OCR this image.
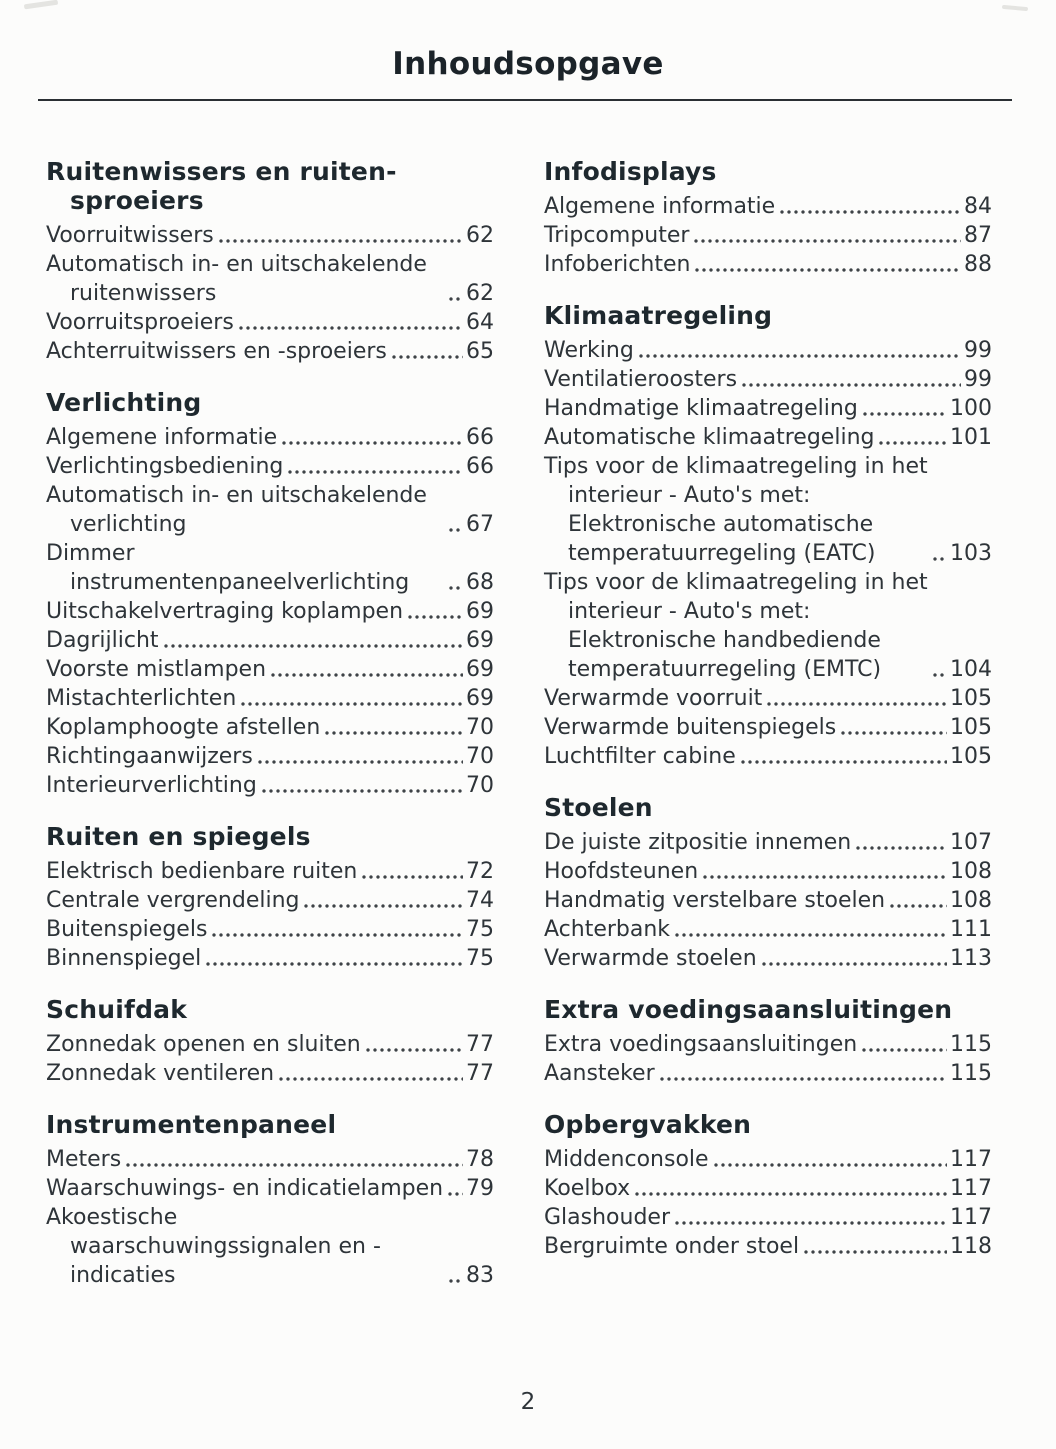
Inhoudsopgave
Ruitenwissers en ruiten-sproeiers
Voorruitwissers	62
Automatisch in- en uitschakelende ruitenwissers	62
Voorruitsproeiers	64
Achterruitwissers en -sproeiers	65
Verlichting
Algemene informatie	66
Verlichtingsbediening	66
Automatisch in- en uitschakelende verlichting	67
Dimmer instrumentenpaneelverlichting	68
Uitschakelvertraging koplampen	69
Dagrijlicht	69
Voorste mistlampen	69
Mistachterlichten	69
Koplamphoogte afstellen	70
Richtingaanwijzers	70
Interieurverlichting	70
Ruiten en spiegels
Elektrisch bedienbare ruiten	72
Centrale vergrendeling	74
Buitenspiegels	75
Binnenspiegel	75
Schuifdak
Zonnedak openen en sluiten	77
Zonnedak ventileren	77
Instrumentenpaneel
Meters	78
Waarschuwings- en indicatielampen 79
Akoestische waarschuwingssignalen en -indicaties	83
Infodisplays
Algemene informatie	84
Tripcomputer	87
Infoberichten	88
Klimaatregeling
Werking	99
Ventilatieroosters	99
Handmatige klimaatregeling	100
Automatische klimaatregeling	101
Tips voor de klimaatregeling in het interieur - Auto's met: Elektronische automatische temperatuurregeling (EATC)	103
Tips voor de klimaatregeling in het interieur - Auto's met: Elektronische handbediende temperatuurregeling (EMTC)	104
Verwarmde voorruit	105
Verwarmde buitenspiegels	105
Luchtfilter cabine	105
Stoelen
De juiste zitpositie innemen	107
Hoofdsteunen	108
Handmatig verstelbare stoelen	108
Achterbank	111
Verwarmde stoelen	113
Extra voedingsaansluitingen
Extra voedingsaansluitingen	115
Aansteker	115
Opbergvakken
Middenconsole	117
Koelbox	117
Glashouder	117
Bergruimte onder stoel	118
2
